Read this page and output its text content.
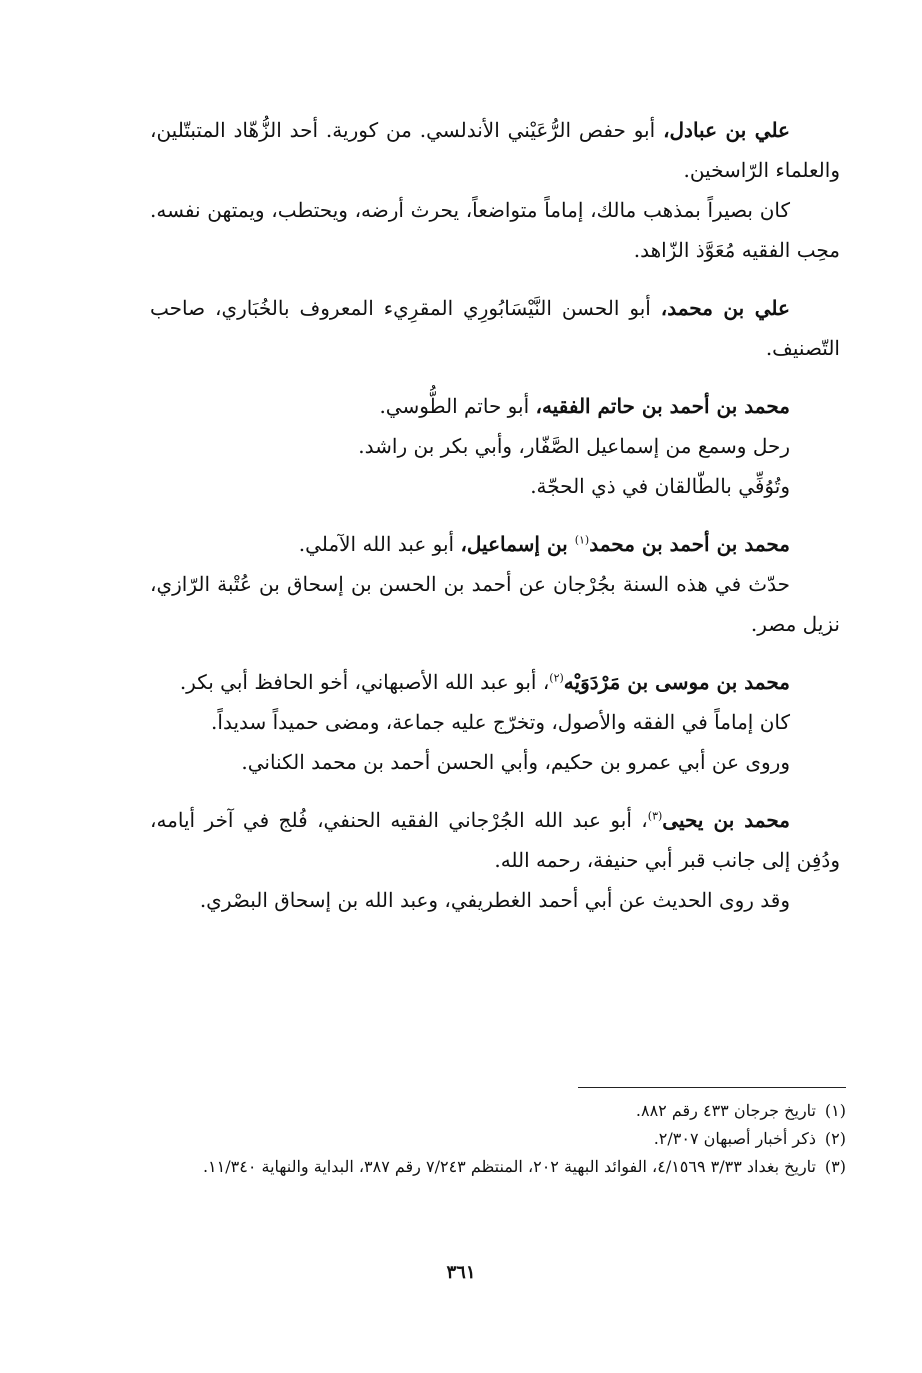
علي بن عبادل، أبو حفص الرُّعَيْني الأندلسي. من كورية. أحد الزُّهّاد المتبتّلين، والعلماء الرّاسخين.

كان بصيراً بمذهب مالك، إماماً متواضعاً، يحرث أرضه، ويحتطب، ويمتهن نفسه. محِب الفقيه مُعَوَّذ الزّاهد.

علي بن محمد، أبو الحسن النَّيْسَابُورِي المقرِيء المعروف بالخُبَاري، صاحب التّصنيف.

محمد بن أحمد بن حاتم الفقيه، أبو حاتم الطُّوسي.

رحل وسمع من إسماعيل الصَّفّار، وأبي بكر بن راشد.

وتُوُفِّي بالطّالقان في ذي الحجّة.

محمد بن أحمد بن محمد$^{(١)}$ بن إسماعيل، أبو عبد الله الآملي.

حدّث في هذه السنة بجُرْجان عن أحمد بن الحسن بن إسحاق بن عُتْبة الرّازي، نزيل مصر.

محمد بن موسى بن مَرْدَوَيْه$^{(٢)}$، أبو عبد الله الأصبهاني، أخو الحافظ أبي بكر.

كان إماماً في الفقه والأصول، وتخرّج عليه جماعة، ومضى حميداً سديداً.

وروى عن أبي عمرو بن حكيم، وأبي الحسن أحمد بن محمد الكناني.

محمد بن يحيى$^{(٣)}$، أبو عبد الله الجُرْجاني الفقيه الحنفي، فُلج في آخر أيامه، ودُفِن إلى جانب قبر أبي حنيفة، رحمه الله.

وقد روى الحديث عن أبي أحمد الغطريفي، وعبد الله بن إسحاق البصْري.

(١)تاريخ جرجان ٤٣٣ رقم ٨٨٢.

(٢)ذكر أخبار أصبهان ٢/٣٠٧.

(٣)تاريخ بغداد ٣/٣٣ ٤/١٥٦٩، الفوائد البهية ٢٠٢، المنتظم ٧/٢٤٣ رقم ٣٨٧، البداية والنهاية ١١/٣٤٠.

٣٦١
